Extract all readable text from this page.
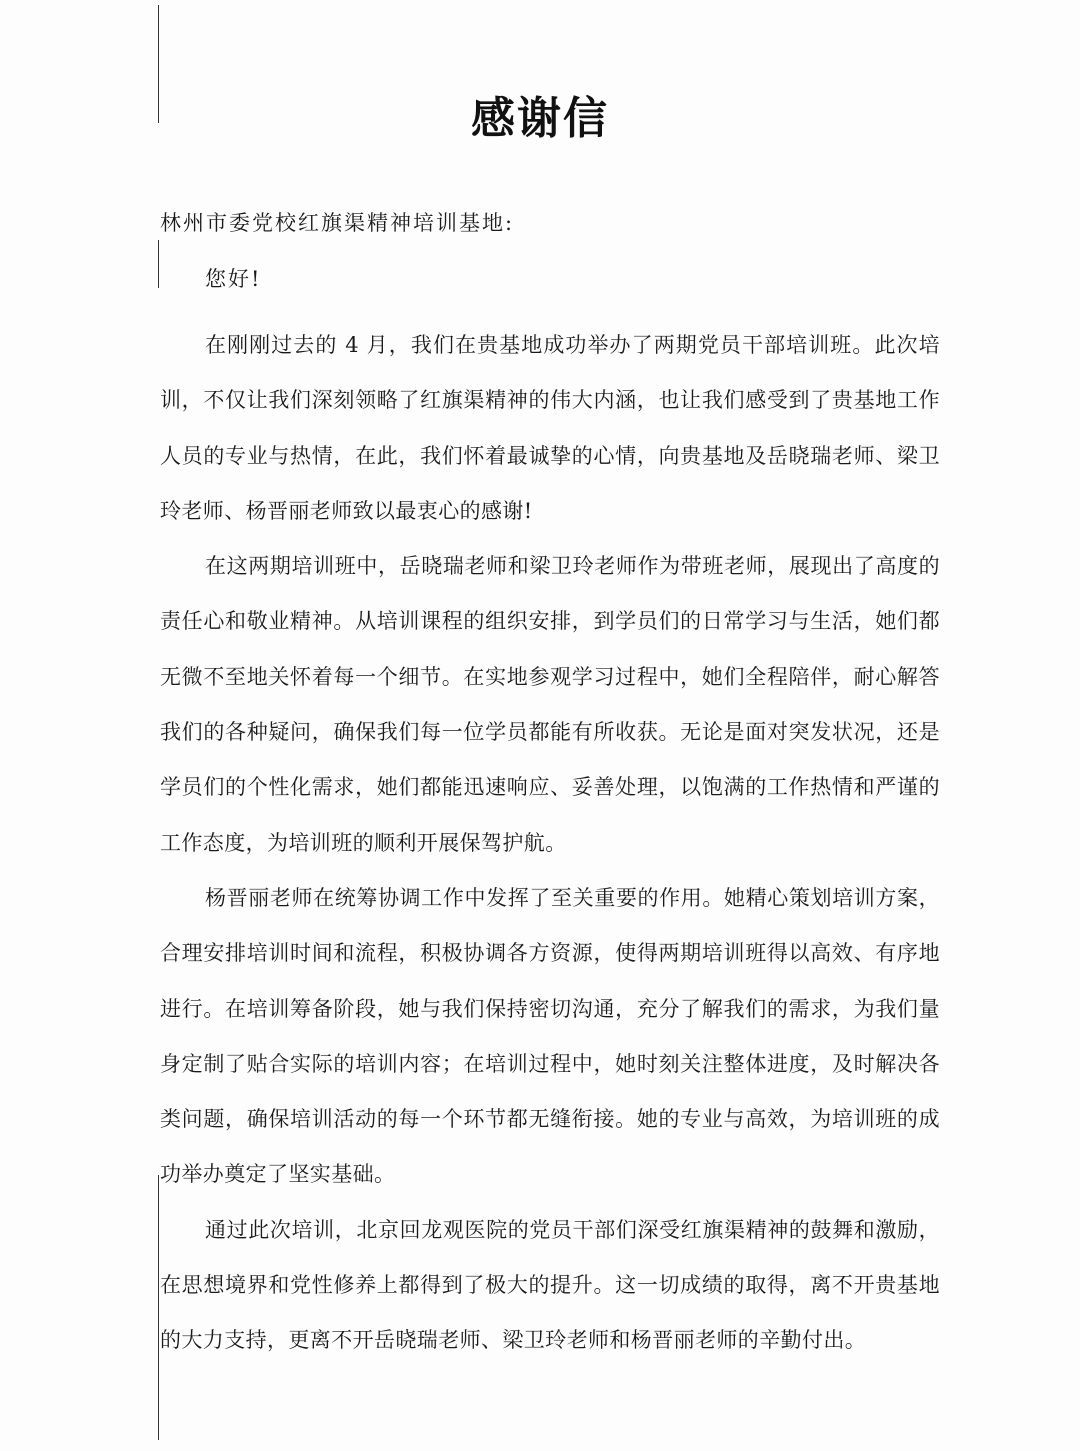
感谢信
林州市委党校红旗渠精神培训基地:
您好!

在刚刚过去的 4 月，我们在贵基地成功举办了两期党员干部培训班。此次培训，不仅让我们深刻领略了红旗渠精神的伟大内涵，也让我们感受到了贵基地工作人员的专业与热情，在此，我们怀着最诚挚的心情，向贵基地及岳晓瑞老师、梁卫玲老师、杨晋丽老师致以最衷心的感谢!

在这两期培训班中，岳晓瑞老师和梁卫玲老师作为带班老师，展现出了高度的责任心和敬业精神。从培训课程的组织安排，到学员们的日常学习与生活，她们都无微不至地关怀着每一个细节。在实地参观学习过程中，她们全程陪伴，耐心解答我们的各种疑问，确保我们每一位学员都能有所收获。无论是面对突发状况，还是学员们的个性化需求，她们都能迅速响应、妥善处理，以饱满的工作热情和严谨的工作态度，为培训班的顺利开展保驾护航。

杨晋丽老师在统筹协调工作中发挥了至关重要的作用。她精心策划培训方案，合理安排培训时间和流程，积极协调各方资源，使得两期培训班得以高效、有序地进行。在培训筹备阶段，她与我们保持密切沟通，充分了解我们的需求，为我们量身定制了贴合实际的培训内容；在培训过程中，她时刻关注整体进度，及时解决各类问题，确保培训活动的每一个环节都无缝衔接。她的专业与高效，为培训班的成功举办奠定了坚实基础。

通过此次培训，北京回龙观医院的党员干部们深受红旗渠精神的鼓舞和激励，在思想境界和党性修养上都得到了极大的提升。这一切成绩的取得，离不开贵基地的大力支持，更离不开岳晓瑞老师、梁卫玲老师和杨晋丽老师的辛勤付出。
